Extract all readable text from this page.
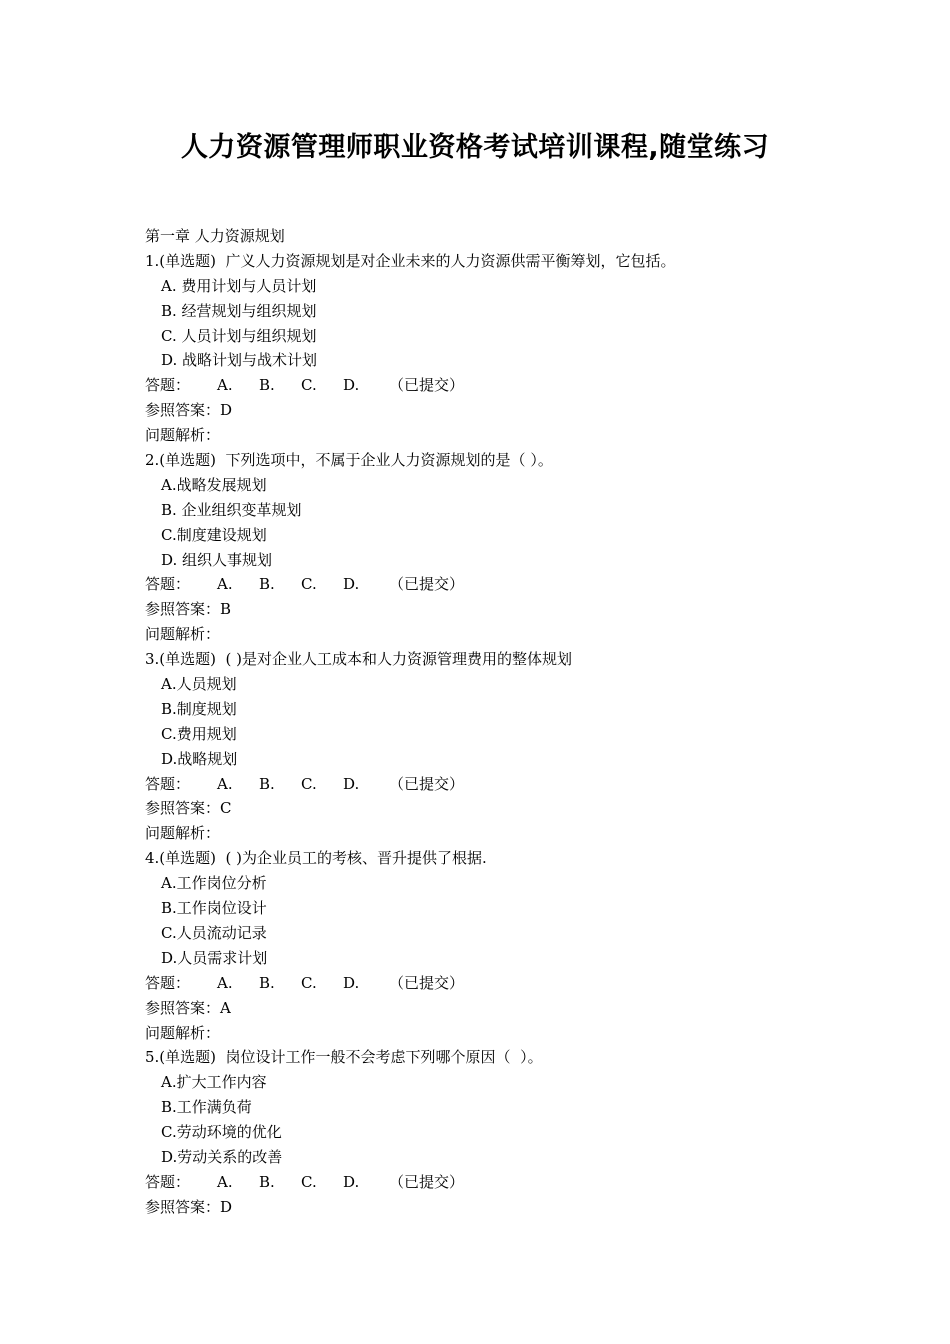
人力资源管理师职业资格考试培训课程,随堂练习
第一章 人力资源规划
1.(单选题)  广义人力资源规划是对企业未来的人力资源供需平衡筹划，它包括。
A. 费用计划与人员计划
B. 经营规划与组织规划
C. 人员计划与组织规划
D. 战略计划与战术计划
答题：	A.	B.	C.	D.	（已提交）
参照答案：D
问题解析：
2.(单选题)  下列选项中，不属于企业人力资源规划的是（ ）。
A.战略发展规划
B. 企业组织变革规划
C.制度建设规划
D. 组织人事规划
答题：	A.	B.	C.	D.	（已提交）
参照答案：B
问题解析：
3.(单选题)  ( )是对企业人工成本和人力资源管理费用的整体规划
A.人员规划
B.制度规划
C.费用规划
D.战略规划
答题：	A.	B.	C.	D.	（已提交）
参照答案：C
问题解析：
4.(单选题)  ( )为企业员工的考核、晋升提供了根据.
A.工作岗位分析
B.工作岗位设计
C.人员流动记录
D.人员需求计划
答题：	A.	B.	C.	D.	（已提交）
参照答案：A
问题解析：
5.(单选题)  岗位设计工作一般不会考虑下列哪个原因（  ）。
A.扩大工作内容
B.工作满负荷
C.劳动环境的优化
D.劳动关系的改善
答题：	A.	B.	C.	D.	（已提交）
参照答案：D
